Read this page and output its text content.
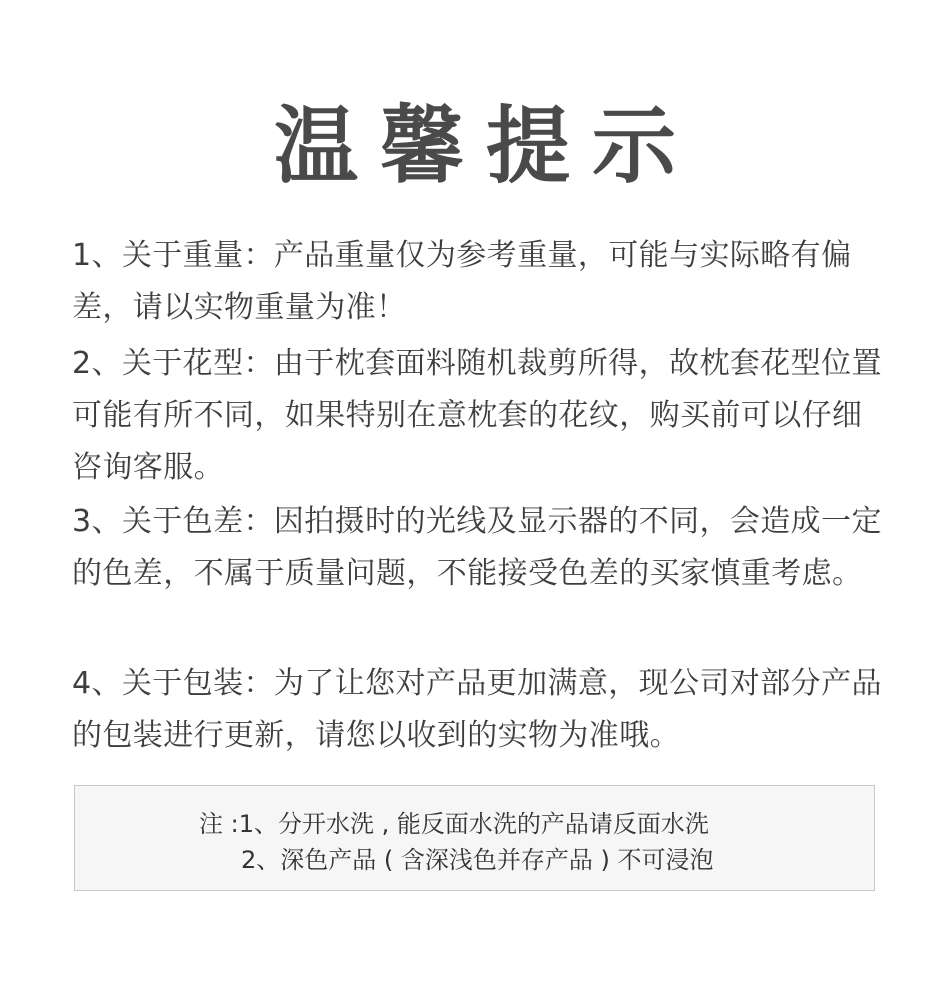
温馨提示
1、关于重量：产品重量仅为参考重量，可能与实际略有偏差，请以实物重量为准！
2、关于花型：由于枕套面料随机裁剪所得，故枕套花型位置可能有所不同，如果特别在意枕套的花纹，购买前可以仔细咨询客服。
3、关于色差：因拍摄时的光线及显示器的不同，会造成一定的色差，不属于质量问题，不能接受色差的买家慎重考虑。
4、关于包装：为了让您对产品更加满意，现公司对部分产品的包装进行更新，请您以收到的实物为准哦。
注 :1、分开水洗 , 能反面水洗的产品请反面水洗
2、深色产品 ( 含深浅色并存产品 ) 不可浸泡
